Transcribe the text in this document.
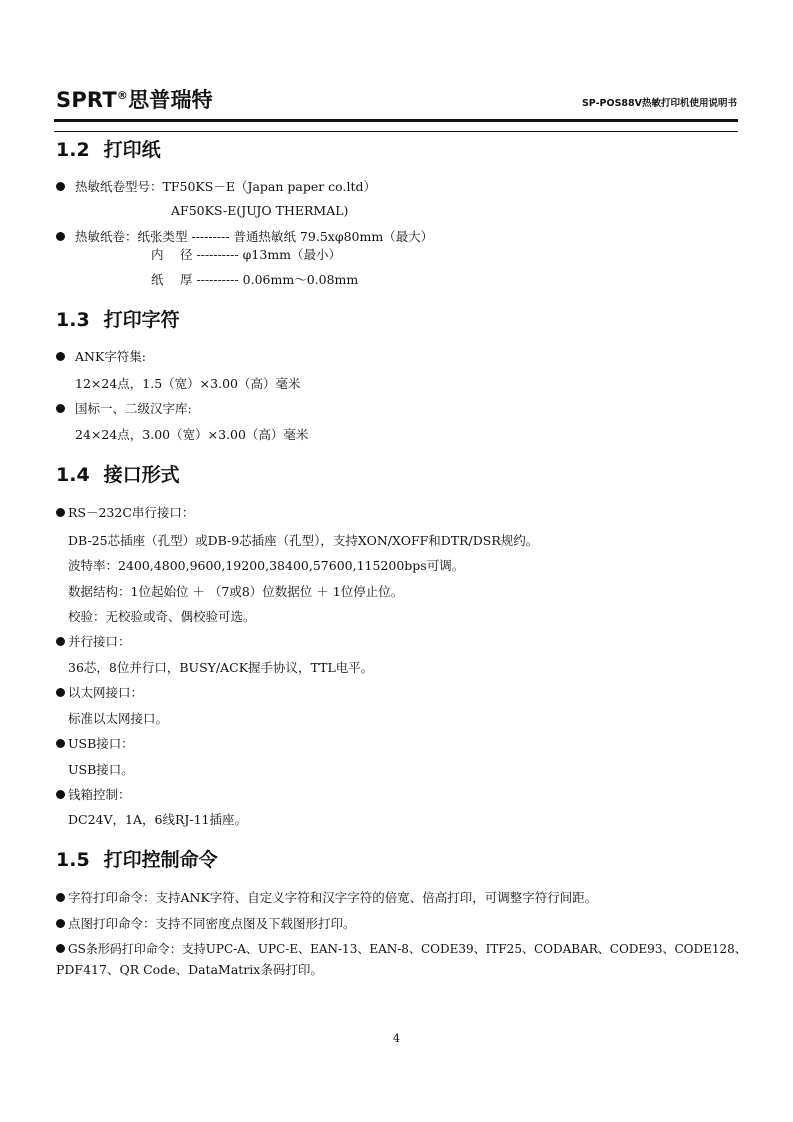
SPRT®思普瑞特	SP-POS88Ⅴ热敏打印机使用说明书
1.2 打印纸
热敏纸卷型号：TF50KS－E（Japan paper co.ltd）
AF50KS-E(JUJO THERMAL)
热敏纸卷：纸张类型 --------- 普通热敏纸 79.5xφ80mm（最大）
内　 径 ---------- φ13mm（最小）
纸　 厚 ---------- 0.06mm～0.08mm
1.3 打印字符
ANK字符集:
12×24点，1.5（宽）×3.00（高）毫米
国标一、二级汉字库:
24×24点，3.00（宽）×3.00（高）毫米
1.4 接口形式
RS－232C串行接口：
DB-25芯插座（孔型）或DB-9芯插座（孔型），支持XON/XOFF和DTR/DSR规约。
波特率：2400,4800,9600,19200,38400,57600,115200bps可调。
数据结构：1位起始位 ＋ （7或8）位数据位 ＋ 1位停止位。
校验：无校验或奇、偶校验可选。
并行接口：
36芯，8位并行口，BUSY/ACK握手协议，TTL电平。
以太网接口：
标准以太网接口。
USB接口：
USB接口。
钱箱控制：
DC24V，1A，6线RJ-11插座。
1.5 打印控制命令
字符打印命令：支持ANK字符、自定义字符和汉字字符的倍宽、倍高打印，可调整字符行间距。
点图打印命令：支持不同密度点图及下载图形打印。
GS条形码打印命令：支持UPC-A、UPC-E、EAN-13、EAN-8、CODE39、ITF25、CODABAR、CODE93、CODE128、
PDF417、QR Code、DataMatrix条码打印。
4
